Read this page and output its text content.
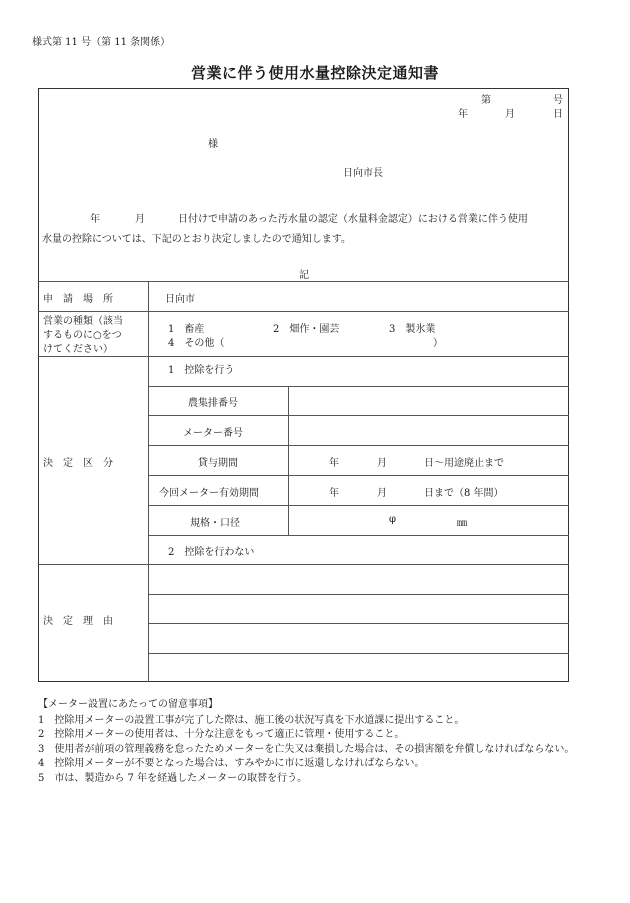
様式第 11 号（第 11 条関係）
営業に伴う使用水量控除決定通知書
第	号
年	月	日
様
日向市長
年	月	日付けで申請のあった汚水量の認定（水量料金認定）における営業に伴う使用
水量の控除については、下記のとおり決定しましたので通知します。
記
申　請　場　所	日向市
営業の種類（該当
するものに○をつ
けてください）
1　畜産	2　畑作・園芸	3　製氷業
4　その他（	）
決　定　区　分
1　控除を行う
農集排番号
メーター番号
貸与期間	年	月	日～用途廃止まで
今回メーター有効期間	年	月	日まで（8 年間）
規格・口径	φ	㎜
2　控除を行わない
決　定　理　由
【メーター設置にあたっての留意事項】
1　控除用メーターの設置工事が完了した際は、施工後の状況写真を下水道課に提出すること。
2　控除用メーターの使用者は、十分な注意をもって適正に管理・使用すること。
3　使用者が前項の管理義務を怠ったためメーターを亡失又は棄損した場合は、その損害額を弁償しなければならない。
4　控除用メーターが不要となった場合は、すみやかに市に返還しなければならない。
5　市は、製造から 7 年を経過したメーターの取替を行う。
